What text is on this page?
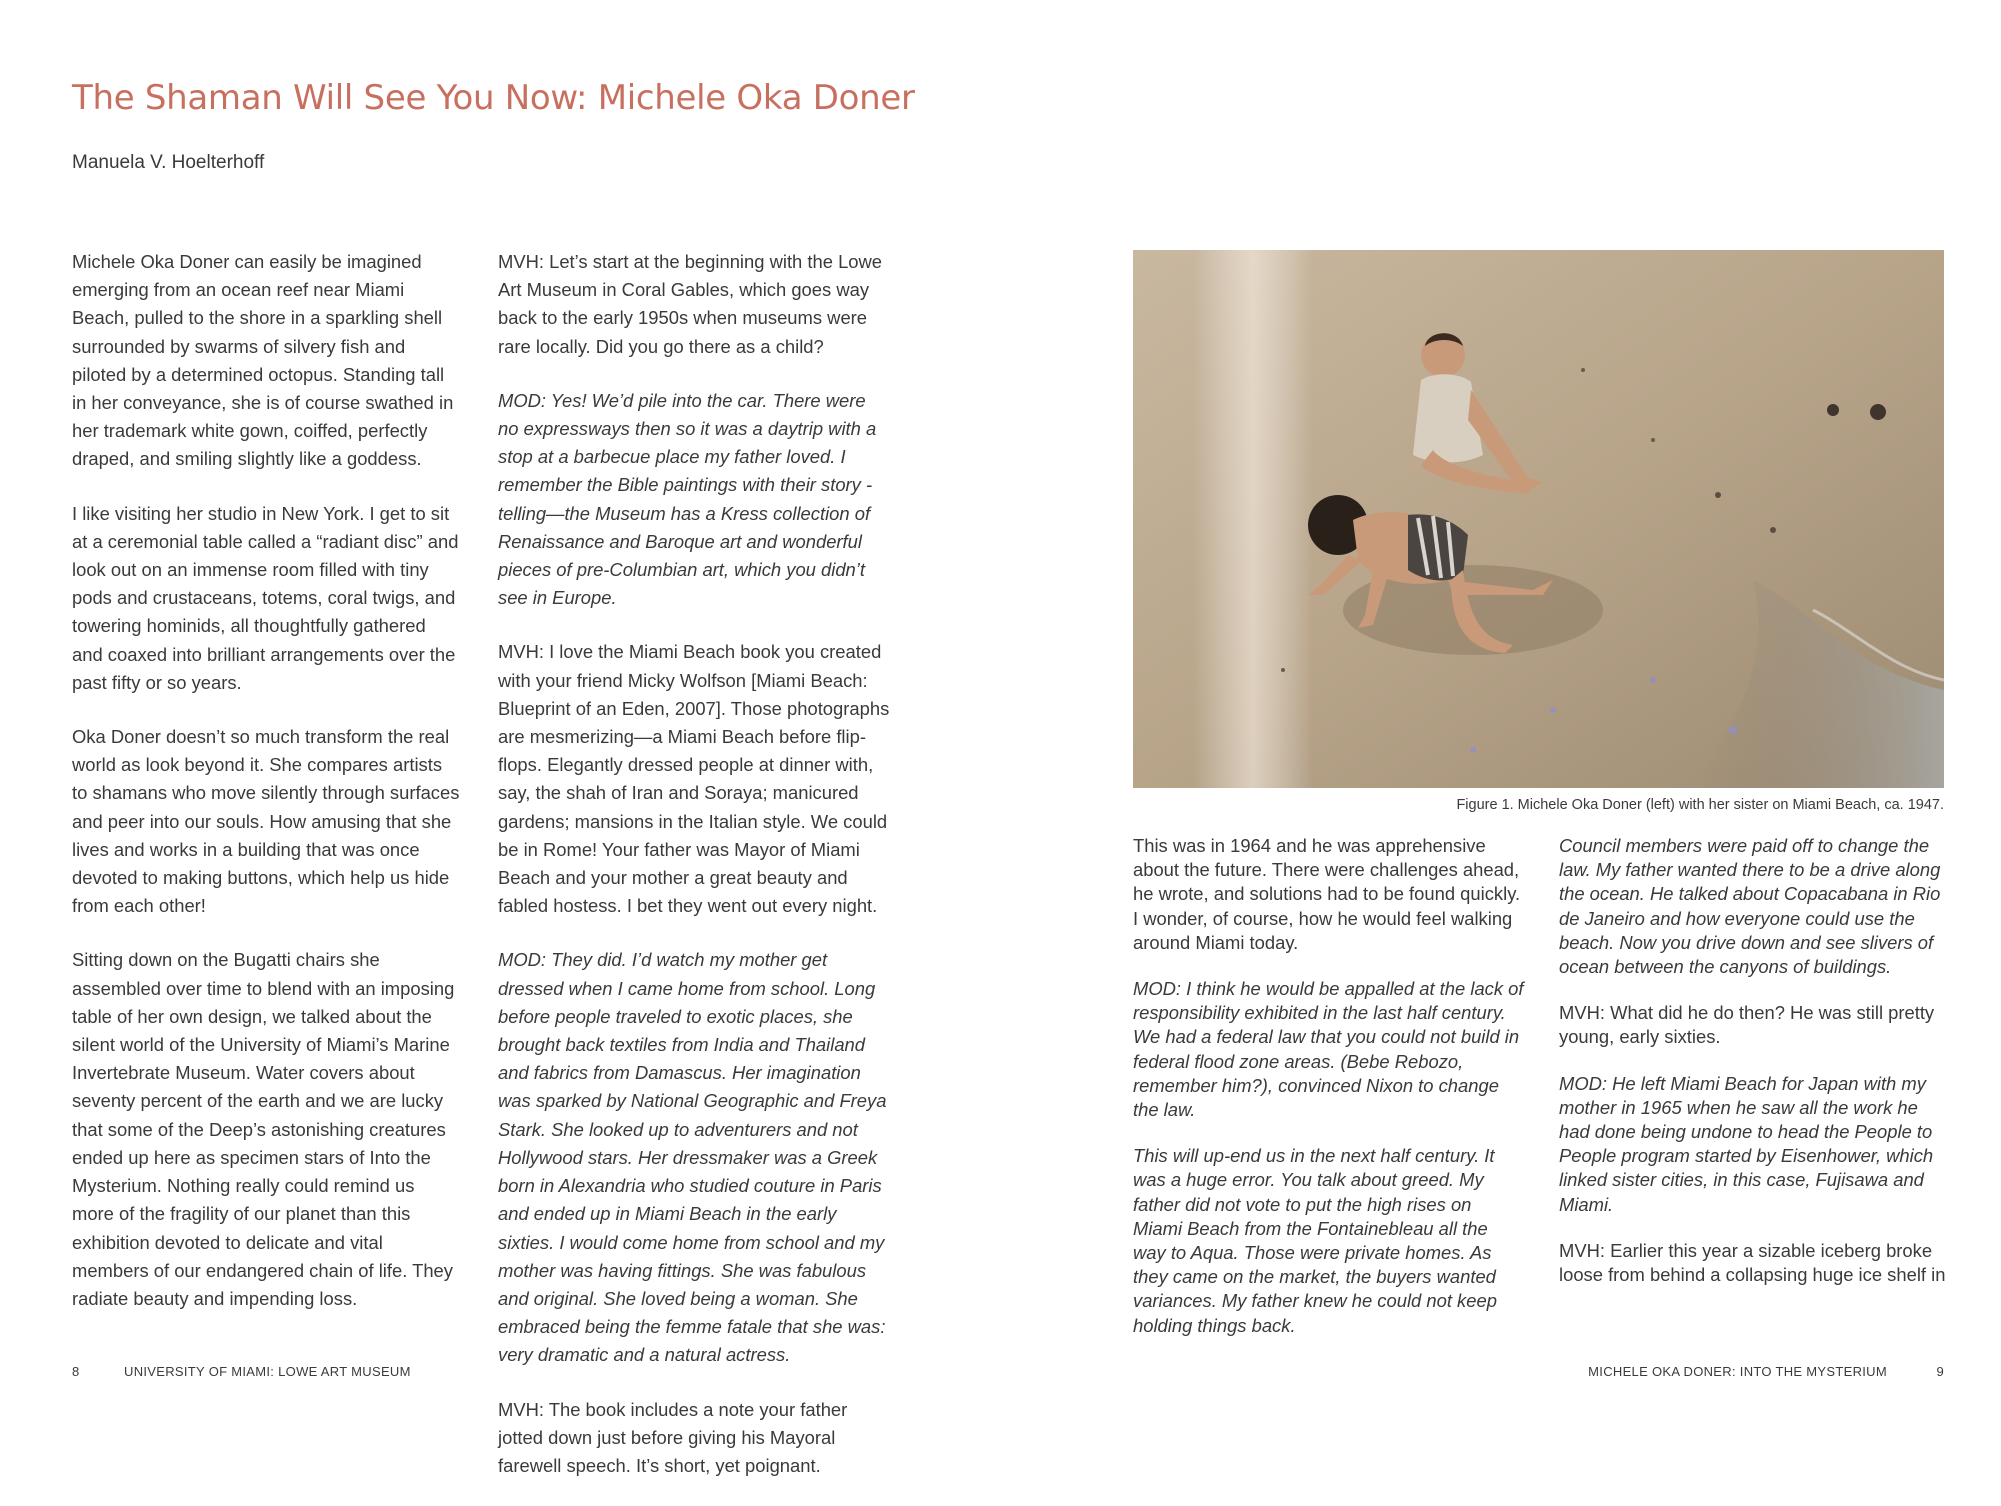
The Shaman Will See You Now: Michele Oka Doner
Manuela V. Hoelterhoff

Michele Oka Doner can easily be imagined emerging from an ocean reef near Miami Beach, pulled to the shore in a sparkling shell surrounded by swarms of silvery fish and piloted by a determined octopus. Standing tall in her conveyance, she is of course swathed in her trademark white gown, coiffed, perfectly draped, and smiling slightly like a goddess.

I like visiting her studio in New York. I get to sit at a ceremonial table called a “radiant disc” and look out on an immense room filled with tiny pods and crustaceans, totems, coral twigs, and towering hominids, all thoughtfully gathered and coaxed into brilliant arrangements over the past fifty or so years.

Oka Doner doesn’t so much transform the real world as look beyond it. She compares artists to shamans who move silently through surfaces and peer into our souls. How amusing that she lives and works in a building that was once devoted to making buttons, which help us hide from each other!

Sitting down on the Bugatti chairs she assembled over time to blend with an imposing table of her own design, we talked about the silent world of the University of Miami’s Marine Invertebrate Museum. Water covers about seventy percent of the earth and we are lucky that some of the Deep’s astonishing creatures ended up here as specimen stars of Into the Mysterium. Nothing really could remind us more of the fragility of our planet than this exhibition devoted to delicate and vital members of our endangered chain of life. They radiate beauty and impending loss.

MVH: Let’s start at the beginning with the Lowe Art Museum in Coral Gables, which goes way back to the early 1950s when museums were rare locally. Did you go there as a child?

MOD: Yes! We’d pile into the car. There were no expressways then so it was a daytrip with a stop at a barbecue place my father loved. I remember the Bible paintings with their story -telling—the Museum has a Kress collection of Renaissance and Baroque art and wonderful pieces of pre-Columbian art, which you didn’t see in Europe.

MVH: I love the Miami Beach book you created with your friend Micky Wolfson [Miami Beach: Blueprint of an Eden, 2007]. Those photographs are mesmerizing—a Miami Beach before flip-flops. Elegantly dressed people at dinner with, say, the shah of Iran and Soraya; manicured gardens; mansions in the Italian style. We could be in Rome! Your father was Mayor of Miami Beach and your mother a great beauty and fabled hostess. I bet they went out every night.

MOD: They did. I’d watch my mother get dressed when I came home from school. Long before people traveled to exotic places, she brought back textiles from India and Thailand and fabrics from Damascus. Her imagination was sparked by National Geographic and Freya Stark. She looked up to adventurers and not Hollywood stars. Her dressmaker was a Greek born in Alexandria who studied couture in Paris and ended up in Miami Beach in the early sixties. I would come home from school and my mother was having fittings. She was fabulous and original. She loved being a woman. She embraced being the femme fatale that she was: very dramatic and a natural actress.

MVH: The book includes a note your father jotted down just before giving his Mayoral farewell speech. It’s short, yet poignant.

Figure 1. Michele Oka Doner (left) with her sister on Miami Beach, ca. 1947.

This was in 1964 and he was apprehensive about the future. There were challenges ahead, he wrote, and solutions had to be found quickly. I wonder, of course, how he would feel walking around Miami today.

MOD: I think he would be appalled at the lack of responsibility exhibited in the last half century. We had a federal law that you could not build in federal flood zone areas. (Bebe Rebozo, remember him?), convinced Nixon to change the law.

This will up-end us in the next half century. It was a huge error. You talk about greed. My father did not vote to put the high rises on Miami Beach from the Fontainebleau all the way to Aqua. Those were private homes. As they came on the market, the buyers wanted variances. My father knew he could not keep holding things back.

Council members were paid off to change the law. My father wanted there to be a drive along the ocean. He talked about Copacabana in Rio de Janeiro and how everyone could use the beach. Now you drive down and see slivers of ocean between the canyons of buildings.

MVH: What did he do then? He was still pretty young, early sixties.

MOD: He left Miami Beach for Japan with my mother in 1965 when he saw all the work he had done being undone to head the People to People program started by Eisenhower, which linked sister cities, in this case, Fujisawa and Miami.

MVH: Earlier this year a sizable iceberg broke loose from behind a collapsing huge ice shelf in

8	UNIVERSITY OF MIAMI: LOWE ART MUSEUM	MICHELE OKA DONER: INTO THE MYSTERIUM	9
